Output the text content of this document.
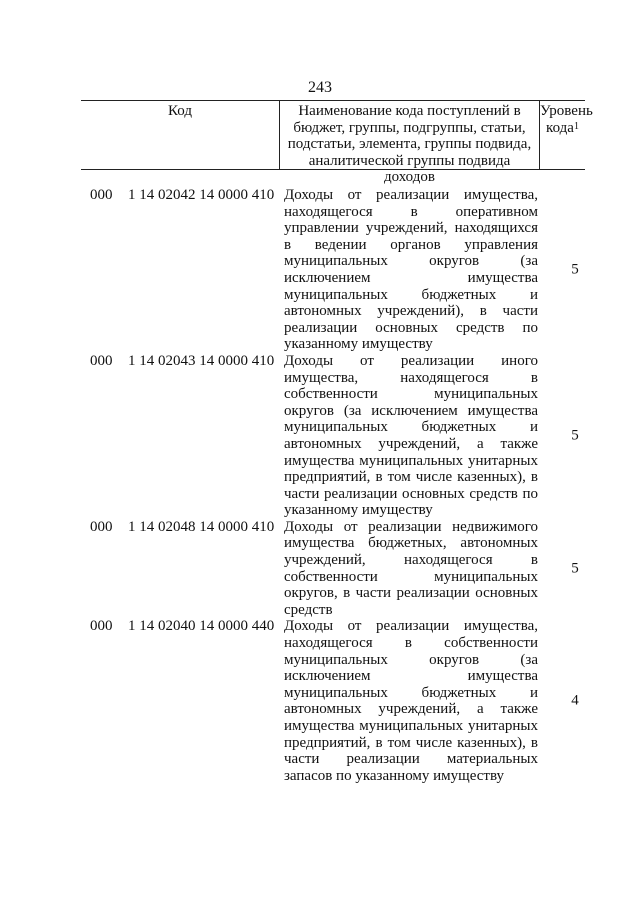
243
Код	Наименование кода поступлений в бюджет, группы, подгруппы, статьи, подстатьи, элемента, группы подвида, аналитической группы подвида доходов
Уровень кода$^1$
000 1 14 02042 14 0000 410 Доходы от реализации имущества, находящегося в оперативном управлении учреждений, находящихся в ведении органов управления муниципальных округов (за исключением имущества муниципальных бюджетных и автономных учреждений), в части реализации основных средств по указанному имуществу
5
000 1 14 02043 14 0000 410 Доходы от реализации иного имущества, находящегося в собственности муниципальных округов (за исключением имущества муниципальных бюджетных и автономных учреждений, а также имущества муниципальных унитарных предприятий, в том числе казенных), в части реализации основных средств по указанному имуществу
5
000 1 14 02048 14 0000 410 Доходы от реализации недвижимого имущества бюджетных, автономных учреждений, находящегося в собственности муниципальных округов, в части реализации основных средств
5
000 1 14 02040 14 0000 440 Доходы от реализации имущества, находящегося в собственности муниципальных округов (за исключением имущества муниципальных бюджетных и автономных учреждений, а также имущества муниципальных унитарных предприятий, в том числе казенных), в части реализации материальных запасов по указанному имуществу
4
